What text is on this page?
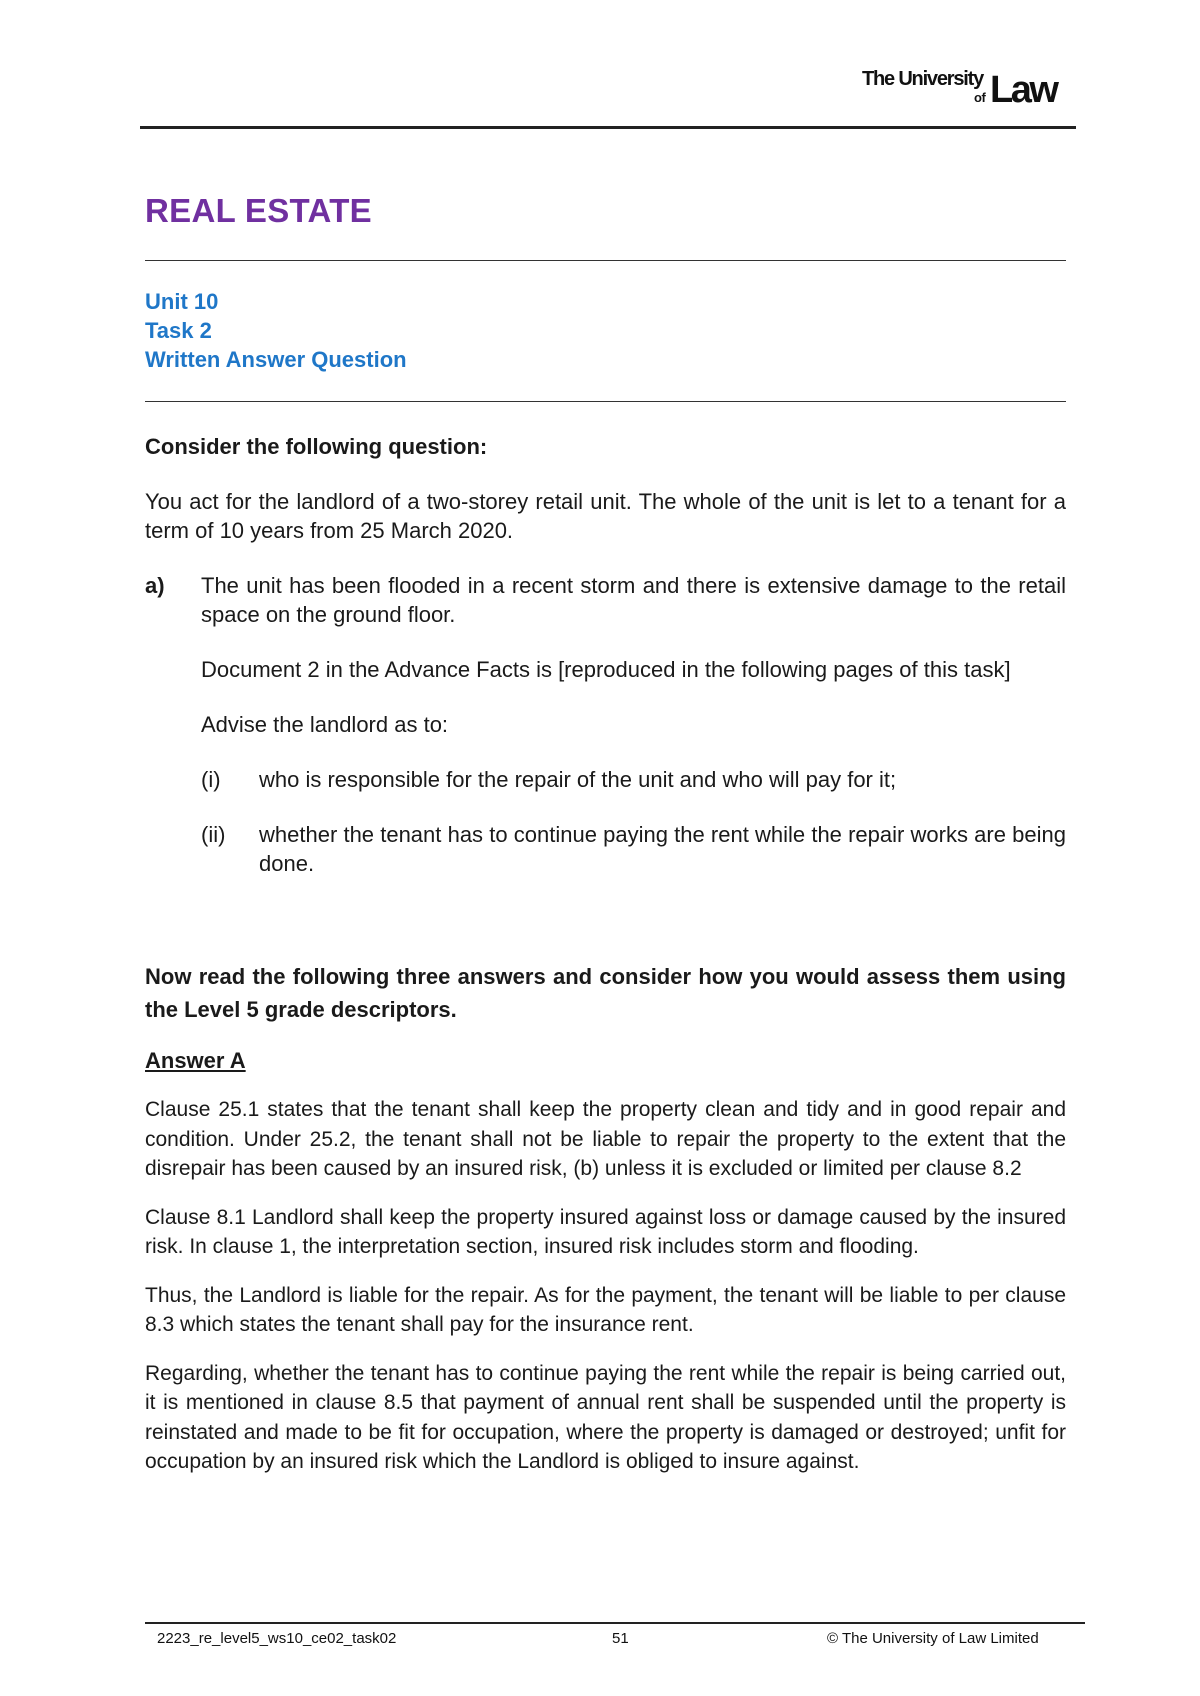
The University
of Law
REAL ESTATE
Unit 10
Task 2
Written Answer Question

Consider the following question:

You act for the landlord of a two-storey retail unit. The whole of the unit is let to a tenant for a term of 10 years from 25 March 2020.

a)	The unit has been flooded in a recent storm and there is extensive damage to the retail space on the ground floor.

Document 2 in the Advance Facts is [reproduced in the following pages of this task]

Advise the landlord as to:

(i)	who is responsible for the repair of the unit and who will pay for it;
(ii)	whether the tenant has to continue paying the rent while the repair works are being done.

Now read the following three answers and consider how you would assess them using the Level 5 grade descriptors.

Answer A

Clause 25.1 states that the tenant shall keep the property clean and tidy and in good repair and condition. Under 25.2, the tenant shall not be liable to repair the property to the extent that the disrepair has been caused by an insured risk, (b) unless it is excluded or limited per clause 8.2

Clause 8.1 Landlord shall keep the property insured against loss or damage caused by the insured risk. In clause 1, the interpretation section, insured risk includes storm and flooding.

Thus, the Landlord is liable for the repair. As for the payment, the tenant will be liable to per clause 8.3 which states the tenant shall pay for the insurance rent.

Regarding, whether the tenant has to continue paying the rent while the repair is being carried out, it is mentioned in clause 8.5 that payment of annual rent shall be suspended until the property is reinstated and made to be fit for occupation, where the property is damaged or destroyed; unfit for occupation by an insured risk which the Landlord is obliged to insure against.

2223_re_level5_ws10_ce02_task02	51	© The University of Law Limited
